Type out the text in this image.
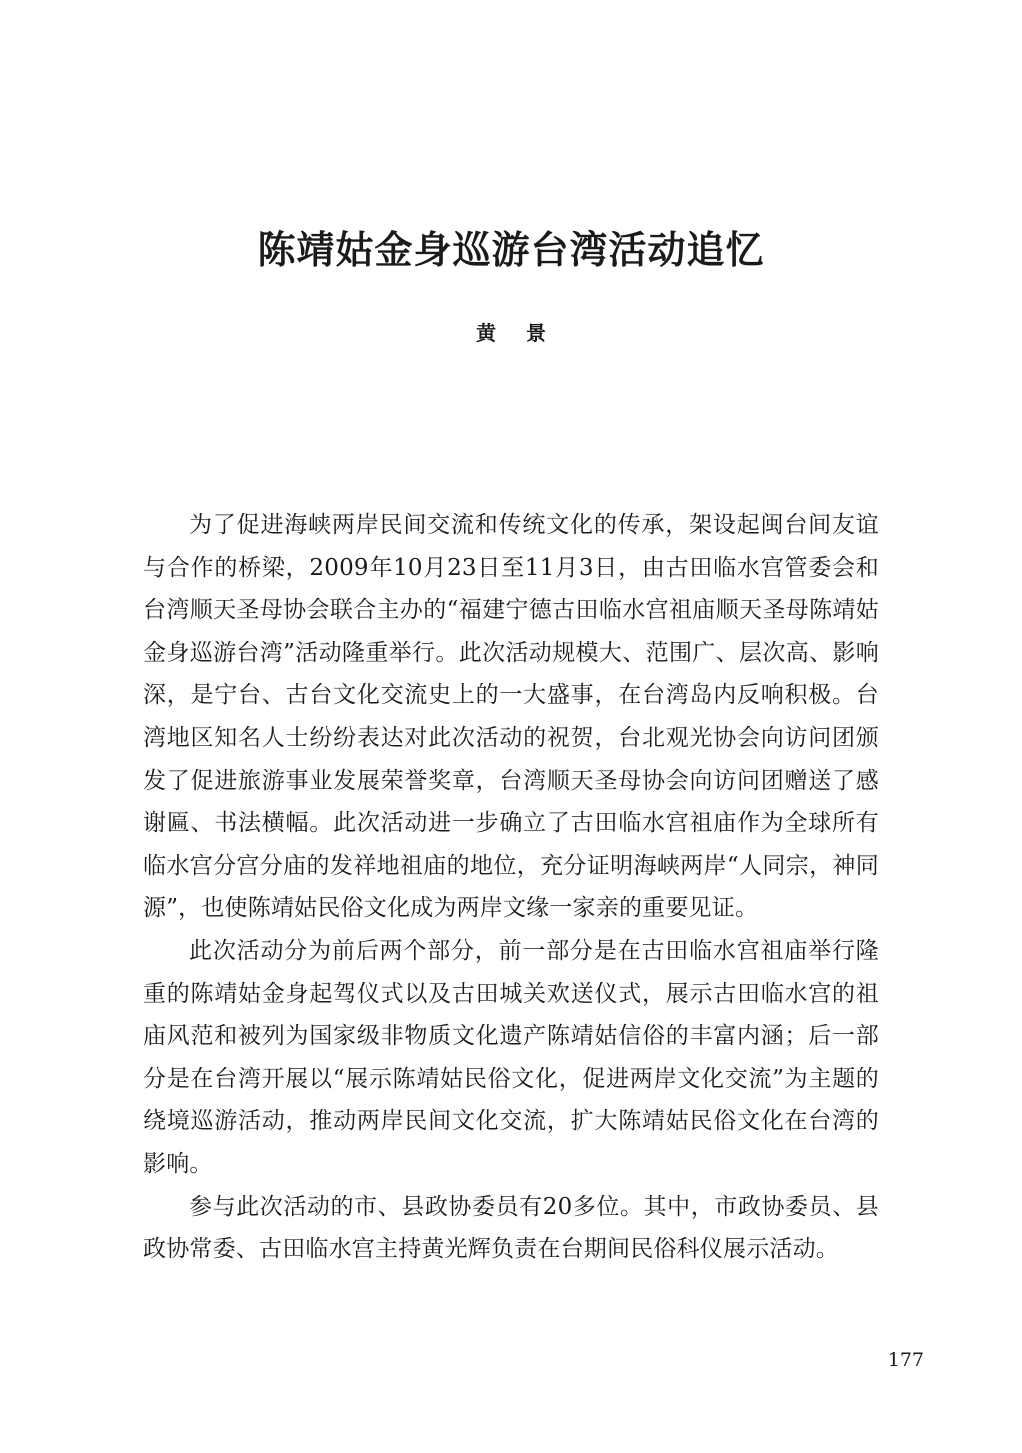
陈靖姑金身巡游台湾活动追忆
黄景

为了促进海峡两岸民间交流和传统文化的传承，架设起闽台间友谊与合作的桥梁，2009年10月23日至11月3日，由古田临水宫管委会和台湾顺天圣母协会联合主办的“福建宁德古田临水宫祖庙顺天圣母陈靖姑金身巡游台湾”活动隆重举行。此次活动规模大、范围广、层次高、影响深，是宁台、古台文化交流史上的一大盛事，在台湾岛内反响积极。台湾地区知名人士纷纷表达对此次活动的祝贺，台北观光协会向访问团颁发了促进旅游事业发展荣誉奖章，台湾顺天圣母协会向访问团赠送了感谢匾、书法横幅。此次活动进一步确立了古田临水宫祖庙作为全球所有临水宫分宫分庙的发祥地祖庙的地位，充分证明海峡两岸“人同宗，神同源”，也使陈靖姑民俗文化成为两岸文缘一家亲的重要见证。

此次活动分为前后两个部分，前一部分是在古田临水宫祖庙举行隆重的陈靖姑金身起驾仪式以及古田城关欢送仪式，展示古田临水宫的祖庙风范和被列为国家级非物质文化遗产陈靖姑信俗的丰富内涵；后一部分是在台湾开展以“展示陈靖姑民俗文化，促进两岸文化交流”为主题的绕境巡游活动，推动两岸民间文化交流，扩大陈靖姑民俗文化在台湾的影响。

参与此次活动的市、县政协委员有20多位。其中，市政协委员、县政协常委、古田临水宫主持黄光辉负责在台期间民俗科仪展示活动。

177
